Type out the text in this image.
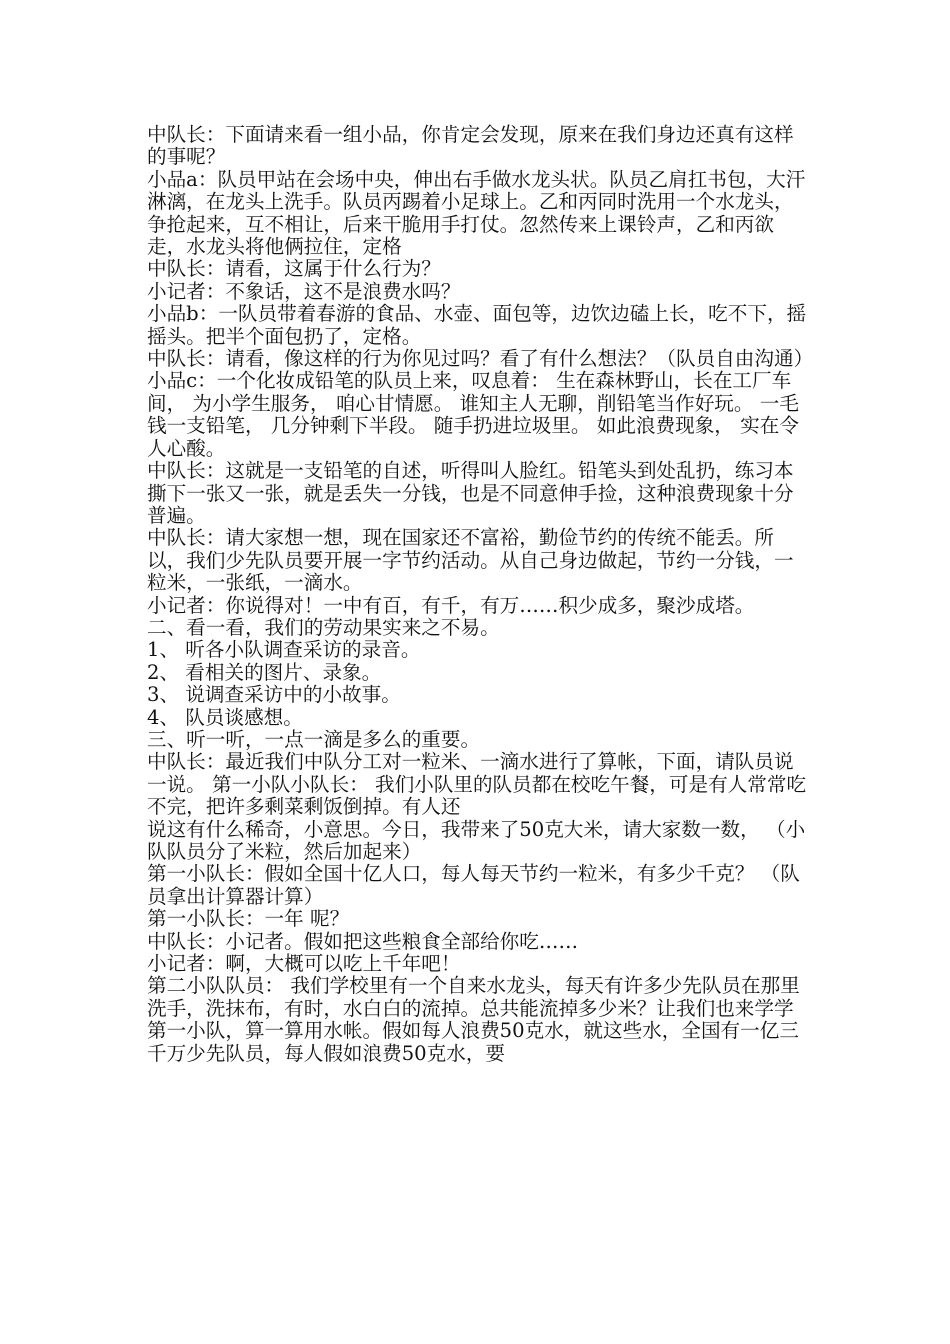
中队长：下面请来看一组小品，你肯定会发现，原来在我们身边还真有这样的事呢？

小品a：队员甲站在会场中央，伸出右手做水龙头状。队员乙肩扛书包，大汗淋漓，在龙头上洗手。队员丙踢着小足球上。乙和丙同时洗用一个水龙头，争抢起来，互不相让，后来干脆用手打仗。忽然传来上课铃声，乙和丙欲走，水龙头将他俩拉住，定格

中队长：请看，这属于什么行为？

小记者：不象话，这不是浪费水吗？

小品b：一队员带着春游的食品、水壶、面包等，边饮边磕上长，吃不下，摇摇头。把半个面包扔了，定格。

中队长：请看，像这样的行为你见过吗？看了有什么想法？（队员自由沟通）

小品c：一个化妆成铅笔的队员上来，叹息着： 生在森林野山，长在工厂车间， 为小学生服务， 咱心甘情愿。 谁知主人无聊，削铅笔当作好玩。 一毛钱一支铅笔， 几分钟剩下半段。 随手扔进垃圾里。 如此浪费现象， 实在令人心酸。

中队长：这就是一支铅笔的自述，听得叫人脸红。铅笔头到处乱扔，练习本撕下一张又一张，就是丢失一分钱，也是不同意伸手捡，这种浪费现象十分普遍。

中队长：请大家想一想，现在国家还不富裕，勤俭节约的传统不能丢。所以，我们少先队员要开展一字节约活动。从自己身边做起，节约一分钱，一粒米，一张纸，一滴水。

小记者：你说得对！一中有百，有千，有万……积少成多，聚沙成塔。

二、看一看，我们的劳动果实来之不易。

1、 听各小队调查采访的录音。

2、 看相关的图片、录象。

3、 说调查采访中的小故事。

4、 队员谈感想。

三、听一听，一点一滴是多么的重要。

中队长：最近我们中队分工对一粒米、一滴水进行了算帐，下面，请队员说一说。 第一小队小队长： 我们小队里的队员都在校吃午餐，可是有人常常吃不完，把许多剩菜剩饭倒掉。有人还
说这有什么稀奇，小意思。今日，我带来了50克大米，请大家数一数， （小队队员分了米粒，然后加起来）

第一小队长：假如全国十亿人口，每人每天节约一粒米，有多少千克？ （队员拿出计算器计算）

第一小队长：一年 呢？

中队长：小记者。假如把这些粮食全部给你吃……

小记者：啊，大概可以吃上千年吧！

第二小队队员： 我们学校里有一个自来水龙头，每天有许多少先队员在那里洗手，洗抹布，有时，水白白的流掉。总共能流掉多少米？让我们也来学学第一小队，算一算用水帐。假如每人浪费50克水，就这些水，全国有一亿三千万少先队员，每人假如浪费50克水，要
